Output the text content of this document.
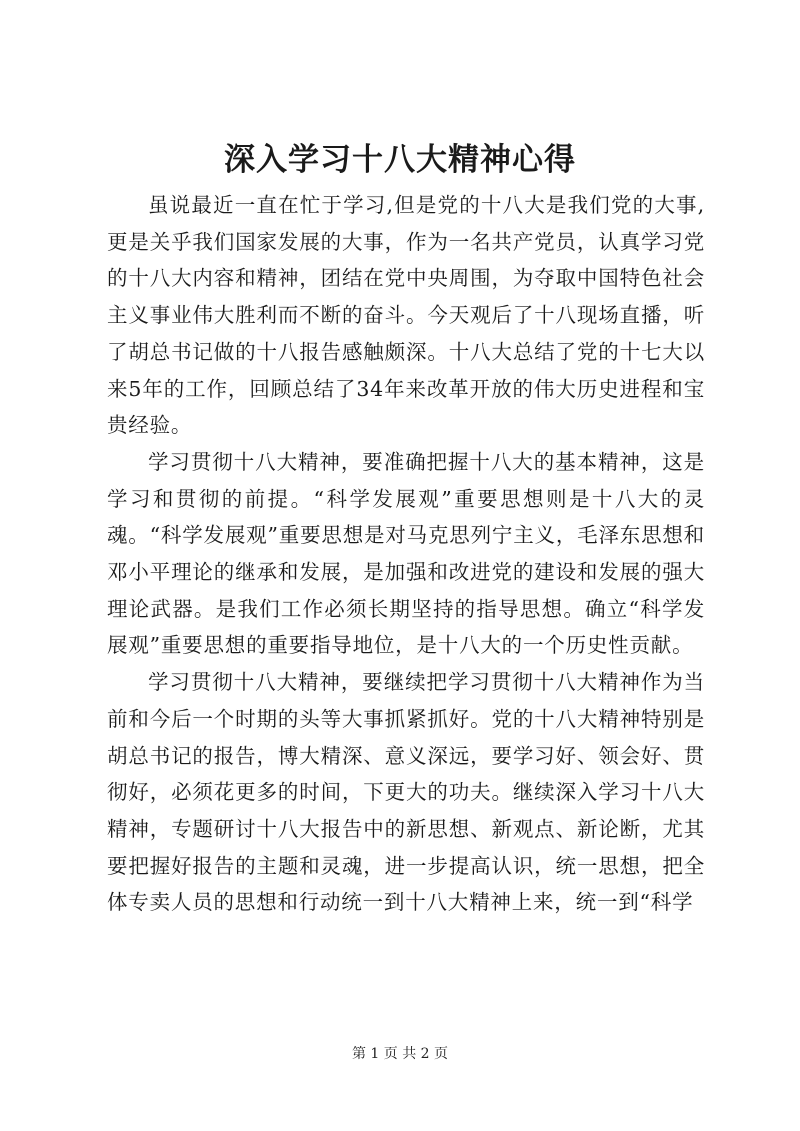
深入学习十八大精神心得

虽说最近一直在忙于学习,但是党的十八大是我们党的大事,更是关乎我们国家发展的大事，作为一名共产党员，认真学习党的十八大内容和精神，团结在党中央周围，为夺取中国特色社会主义事业伟大胜利而不断的奋斗。今天观后了十八现场直播，听了胡总书记做的十八报告感触颇深。十八大总结了党的十七大以来5年的工作，回顾总结了34年来改革开放的伟大历史进程和宝贵经验。

学习贯彻十八大精神，要准确把握十八大的基本精神，这是学习和贯彻的前提。“科学发展观”重要思想则是十八大的灵魂。“科学发展观”重要思想是对马克思列宁主义，毛泽东思想和邓小平理论的继承和发展，是加强和改进党的建设和发展的强大理论武器。是我们工作必须长期坚持的指导思想。确立“科学发展观”重要思想的重要指导地位，是十八大的一个历史性贡献。

学习贯彻十八大精神，要继续把学习贯彻十八大精神作为当前和今后一个时期的头等大事抓紧抓好。党的十八大精神特别是胡总书记的报告，博大精深、意义深远，要学习好、领会好、贯彻好，必须花更多的时间，下更大的功夫。继续深入学习十八大精神，专题研讨十八大报告中的新思想、新观点、新论断，尤其要把握好报告的主题和灵魂，进一步提高认识，统一思想，把全体专卖人员的思想和行动统一到十八大精神上来，统一到“科学

第 1 页 共 2 页
